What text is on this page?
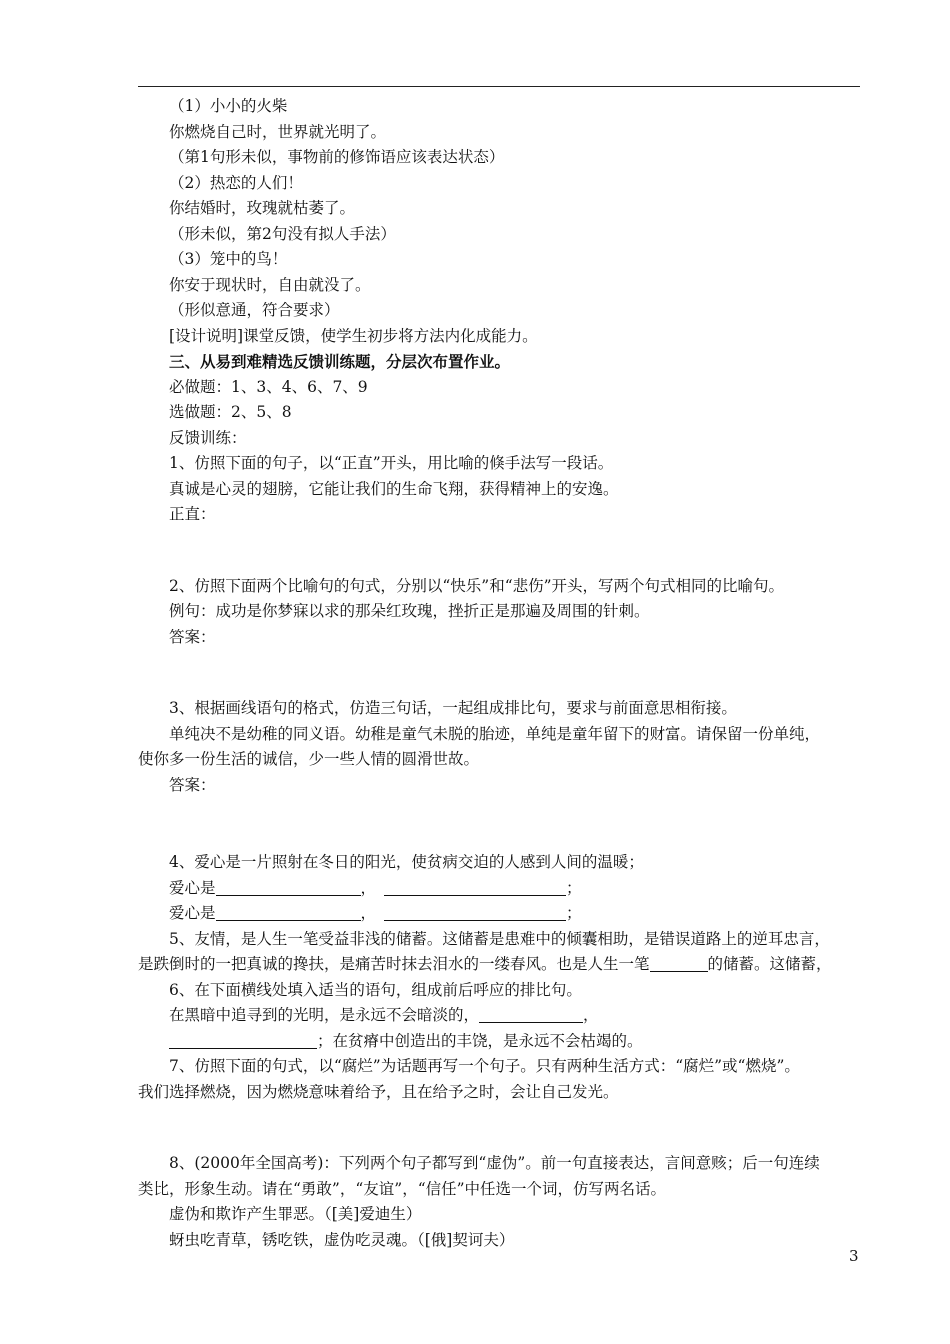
（1）小小的火柴
你燃烧自己时，世界就光明了。
（第1句形未似，事物前的修饰语应该表达状态）
（2）热恋的人们！
你结婚时，玫瑰就枯萎了。
（形未似，第2句没有拟人手法）
（3）笼中的鸟！
你安于现状时，自由就没了。
（形似意通，符合要求）
[设计说明]课堂反馈，使学生初步将方法内化成能力。
三、从易到难精选反馈训练题，分层次布置作业。
必做题：1、3、4、6、7、9
选做题：2、5、8
反馈训练：
1、仿照下面的句子，以“正直”开头，用比喻的倏手法写一段话。
真诚是心灵的翅膀，它能让我们的生命飞翔，获得精神上的安逸。
正直：
2、仿照下面两个比喻句的句式，分别以“快乐”和“悲伤”开头，写两个句式相同的比喻句。
例句：成功是你梦寐以求的那朵红玫瑰，挫折正是那遍及周围的针刺。
答案：
3、根据画线语句的格式，仿造三句话，一起组成排比句，要求与前面意思相衔接。
单纯决不是幼稚的同义语。幼稚是童气未脱的胎迹，单纯是童年留下的财富。请保留一份单纯，
使你多一份生活的诚信，少一些人情的圆滑世故。
答案：
4、爱心是一片照射在冬日的阳光，使贫病交迫的人感到人间的温暖；
爱心是	，	；
爱心是	，	；
5、友情，是人生一笔受益非浅的储蓄。这储蓄是患难中的倾囊相助，是错误道路上的逆耳忠言，
是跌倒时的一把真诚的搀扶，是痛苦时抹去泪水的一缕春风。也是人生一笔	的储蓄。这储蓄，
6、在下面横线处填入适当的语句，组成前后呼应的排比句。
在黑暗中追寻到的光明，是永远不会暗淡的，	，
；在贫瘠中创造出的丰饶，是永远不会枯竭的。
7、仿照下面的句式，以“腐烂”为话题再写一个句子。只有两种生活方式：“腐烂”或“燃烧”。
我们选择燃烧，因为燃烧意味着给予，且在给予之时，会让自己发光。
8、(2000年全国高考)：下列两个句子都写到“虚伪”。前一句直接表达，言间意赅；后一句连续
类比，形象生动。请在“勇敢”，“友谊”，“信任”中任选一个词，仿写两名话。
虚伪和欺诈产生罪恶。（[美]爱迪生）
蚜虫吃青草，锈吃铁，虚伪吃灵魂。（[俄]契诃夫）
3
